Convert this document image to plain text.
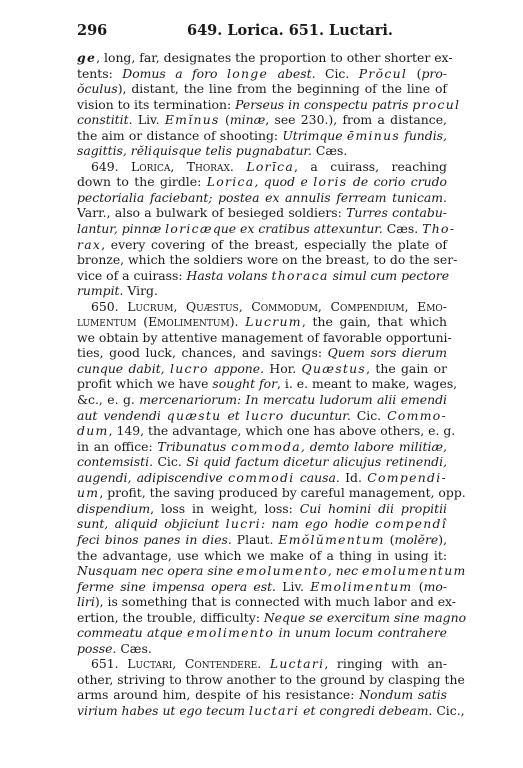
296	649. Lorica. 651. Luctari.
ge, long, far, designates the proportion to other shorter ex-
tents: Domus a foro longe abest. Cic. Prŏcul (pro-
ŏculus), distant, the line from the beginning of the line of
vision to its termination: Perseus in conspectu patris procul
constitit. Liv. Emĭnus (minæ, see 230.), from a distance,
the aim or distance of shooting: Utrimque ēminus fundis,
sagittis, rĕliquisque telis pugnabatur. Cæs.
649. Lorica, Thorax. Lorīca, a cuirass, reaching
down to the girdle: Lorica, quod e loris de corio crudo
pectorialia faciebant; postea ex annulis ferream tunicam.
Varr., also a bulwark of besieged soldiers: Turres contabu-
lantur, pinnæ loricæque ex cratibus attexuntur. Cæs. Tho-
rax, every covering of the breast, especially the plate of
bronze, which the soldiers wore on the breast, to do the ser-
vice of a cuirass: Hasta volans thoraca simul cum pectore
rumpit. Virg.
650. Lucrum, Quæstus, Commodum, Compendium, Emo-
lumentum (Emolimentum). Lucrum, the gain, that which
we obtain by attentive management of favorable opportuni-
ties, good luck, chances, and savings: Quem sors dierum
cunque dabit, lucro appone. Hor. Quæstus, the gain or
profit which we have sought for, i. e. meant to make, wages,
&c., e. g. mercenariorum: In mercatu ludorum alii emendi
aut vendendi quæstu et lucro ducuntur. Cic. Commo-
dum, 149, the advantage, which one has above others, e. g.
in an office: Tribunatus commoda, demto labore militiæ,
contemsisti. Cic. Si quid factum dicetur alicujus retinendi,
augendi, adipiscendive commodi causa. Id. Compendi-
um, profit, the saving produced by careful management, opp.
dispendium, loss in weight, loss: Cui homini dii propitii
sunt, aliquid objiciunt lucri: nam ego hodie compendî
feci binos panes in dies. Plaut. Emŏlŭmentum (molĕre),
the advantage, use which we make of a thing in using it:
Nusquam nec opera sine emolumento, nec emolumentum
ferme sine impensa opera est. Liv. Emolimentum (mo-
liri), is something that is connected with much labor and ex-
ertion, the trouble, difficulty: Neque se exercitum sine magno
commeatu atque emolimento in unum locum contrahere
posse. Cæs.
651. Luctari, Contendere. Luctari, ringing with an-
other, striving to throw another to the ground by clasping the
arms around him, despite of his resistance: Nondum satis
virium habes ut ego tecum luctari et congredi debeam. Cic.,
